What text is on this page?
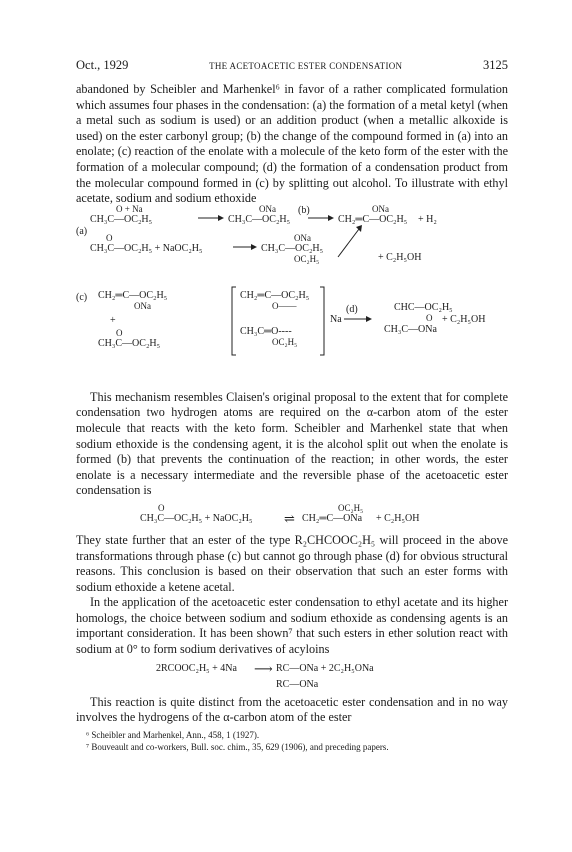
Oct., 1929	THE ACETOACETIC ESTER CONDENSATION	3125

abandoned by Scheibler and Marhenkel⁶ in favor of a rather complicated formulation which assumes four phases in the condensation: (a) the formation of a metal ketyl (when a metal such as sodium is used) or an addition product (when a metallic alkoxide is used) on the ester carbonyl group; (b) the change of the compound formed in (a) into an enolate; (c) reaction of the enolate with a molecule of the keto form of the ester with the formation of a molecular compound; (d) the formation of a condensation product from the molecular compound formed in (c) by splitting out alcohol. To illustrate with ethyl acetate, sodium and sodium ethoxide

(a)
(b)
(c)
(d)
O + Na
CH₃C—OC₂H₅
ONa
CH₃C—OC₂H₅
ONa
CH₂═C—OC₂H₅ + H₂
O
CH₃C—OC₂H₅ + NaOC₂H₅
ONa
CH₃C—OC₂H₅
OC₂H₅	+ C₂H₅OH
CH₂═C—OC₂H₅
ONa
+
O
CH₃C—OC₂H₅
CH₂═C—OC₂H₅
O——
CH₃C═O----
OC₂H₅
Na
CHC—OC₂H₅
O
CH₃C—ONa
+ C₂H₅OH

This mechanism resembles Claisen's original proposal to the extent that for complete condensation two hydrogen atoms are required on the α-carbon atom of the ester molecule that reacts with the keto form. Scheibler and Marhenkel state that when sodium ethoxide is the condensing agent, it is the alcohol split out when the enolate is formed (b) that prevents the continuation of the reaction; in other words, the ester enolate is a necessary intermediate and the reversible phase of the acetoacetic ester condensation is

O
CH₃C—OC₂H₅ + NaOC₂H₅ ⇌
OC₂H₅
CH₂═C—ONa + C₂H₅OH

They state further that an ester of the type R₂CHCOOC₂H₅ will proceed in the above transformations through phase (c) but cannot go through phase (d) for obvious structural reasons. This conclusion is based on their observation that such an ester forms with sodium ethoxide a ketene acetal.

In the application of the acetoacetic ester condensation to ethyl acetate and its higher homologs, the choice between sodium and sodium ethoxide as condensing agents is an important consideration. It has been shown⁷ that such esters in ether solution react with sodium at 0° to form sodium derivatives of acyloins

2RCOOC₂H₅ + 4Na ⟶ RC—ONa + 2C₂H₅ONa
RC—ONa

This reaction is quite distinct from the acetoacetic ester condensation and in no way involves the hydrogens of the α-carbon atom of the ester

⁶ Scheibler and Marhenkel, Ann., 458, 1 (1927).
⁷ Bouveault and co-workers, Bull. soc. chim., 35, 629 (1906), and preceding papers.
